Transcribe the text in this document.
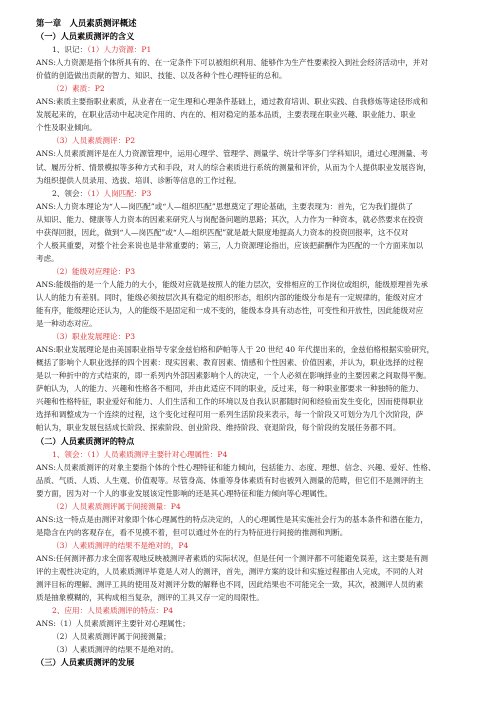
第一章　人员素质测评概述
（一）人员素质测评的含义
1、识记：（1）人力资源：P1
ANS:人力资源是指个体所具有的、在一定条件下可以被组织利用、能够作为生产性要素投入到社会经济活动中，并对
价值的创造做出贡献的智力、知识、技能、以及各种个性心理特征的总和。
（2）素质：P2
ANS:素质主要指职业素质，从业者在一定生理和心理条件基础上，通过教育培训、职业实践、自我修炼等途径形成和
发展起来的，在职业活动中起决定作用的、内在的、相对稳定的基本品质，主要表现在职业兴趣、职业能力、职业
个性及职业倾向。
（3）人员素质测评：P2
ANS:人员素质测评是在人力资源管理中，运用心理学、管理学、测量学、统计学等多门学科知识，通过心理测量、考
试、履历分析、情景模拟等多种方式和手段，对人的综合素质进行系统的测量和评价，从而为个人提供职业发展咨询，
为组织提供人员录用、选拔、培训、诊断等信息的工作过程。
2、领会：（1）人岗匹配：P3
ANS:人力资本理论为“人—岗匹配”或“人—组织匹配”思想奠定了理论基础，主要表现为：首先，它为我们提供了
从知识、能力、健康等人力资本的因素来研究人与岗配备问题的思路；其次，人力作为一种资本，就必然要求在投资
中获得回报，因此，做到“人—岗匹配”或“人—组织匹配”就是最大限度地提高人力资本的投资回报率，这不仅对
个人极其重要，对整个社会来说也是非常重要的；第三，人力资源理论指出，应该把薪酬作为匹配的一个方面来加以
考虑。
（2）能级对应理论：P3
ANS:能级指的是一个人能力的大小，能级对应就是按照人的能力层次，安排相应的工作岗位或组织，能级原理首先承
认人的能力有差别。同时，能级必须按层次具有稳定的组织形态，组织内部的能级分布是有一定规律的，能级对应才
能有序，能级理论还认为，人的能级不是固定和一成不变的，能级本身具有动态性，可变性和开放性，因此能级对应
是一种动态对应。
（3）职业发展理论：P3
ANS:职业发展理论是由美国职业指导专家金兹伯格和萨帕等人于 20 世纪 40 年代提出来的，金兹伯格根据实验研究，
概括了影响个人职业选择的四个因素：现实因素、教育因素、情感和个性因素、价值因素，并认为，职业选择的过程
是以一种折中的方式结束的，即一系列内外部因素影响个人的决定，一个人必须在影响择业的主要因素之间取得平衡。
萨帕认为，人的能力、兴趣和性格各不相同，并由此适应不同的职业，反过来，每一种职业都要求一种独特的能力、
兴趣和性格特征，职业爱好和能力、人们生活和工作的环境以及自我认识都随时间和经验而发生变化，因而使得职业
选择和调整成为一个连续的过程，这个变化过程可用一系列生活阶段来表示，每一个阶段又可划分为几个次阶段，萨
帕认为，职业发展包括成长阶段、探索阶段、创业阶段、维持阶段、衰退阶段，每个阶段的发展任务都不同。
（二）人员素质测评的特点
1、领会：（1）人员素质测评主要针对心理属性：P4
ANS:人员素质测评的对象主要指个体的个性心理特征和能力倾向，包括能力、态度、理想、信念、兴趣、爱好、性格、
品质、气质、人质、人生观、价值观等。尽管身高、体重等身体素质有时也被列入测量的范畴，但它们不是测评的主
要方面，因为对一个人的事业发展该定性影响的还是其心理特征和能力倾向等心理属性。
（2）人员素质测评属于间接测量：P4
ANS:这一特点是由测评对象即个体心理属性的特点决定的，人的心理属性是其实施社会行为的基本条件和潜在能力，
是隐含在内的客观存在，看不见摸不着，但可以通过外在的行为特征进行间接的推测和判断。
（3）人素质测评的结果不是绝对的，P4
ANS:任何测评都力求全面客观地反映被测评者素质的实际状况，但是任何一个测评都不可能避免误差，这主要是有测
评的主观性决定的，人员素质测评毕竟是人对人的测评，首先，测评方案的设计和实施过程都由人完成，不同的人对
测评目标的理解、测评工具的使用及对测评分数的解释也不同，因此结果也不可能完全一致，其次，被测评人员的素
质是抽象模糊的，其构成相当复杂，测评的工具又存一定的局限性。
2、应用：人员素质测评的特点：P4
ANS:（1）人员素质测评主要针对心理属性；
（2）人员素质测评属于间接测量；
（3）人素质测评的结果不是绝对的。
（三）人员素质测评的发展
